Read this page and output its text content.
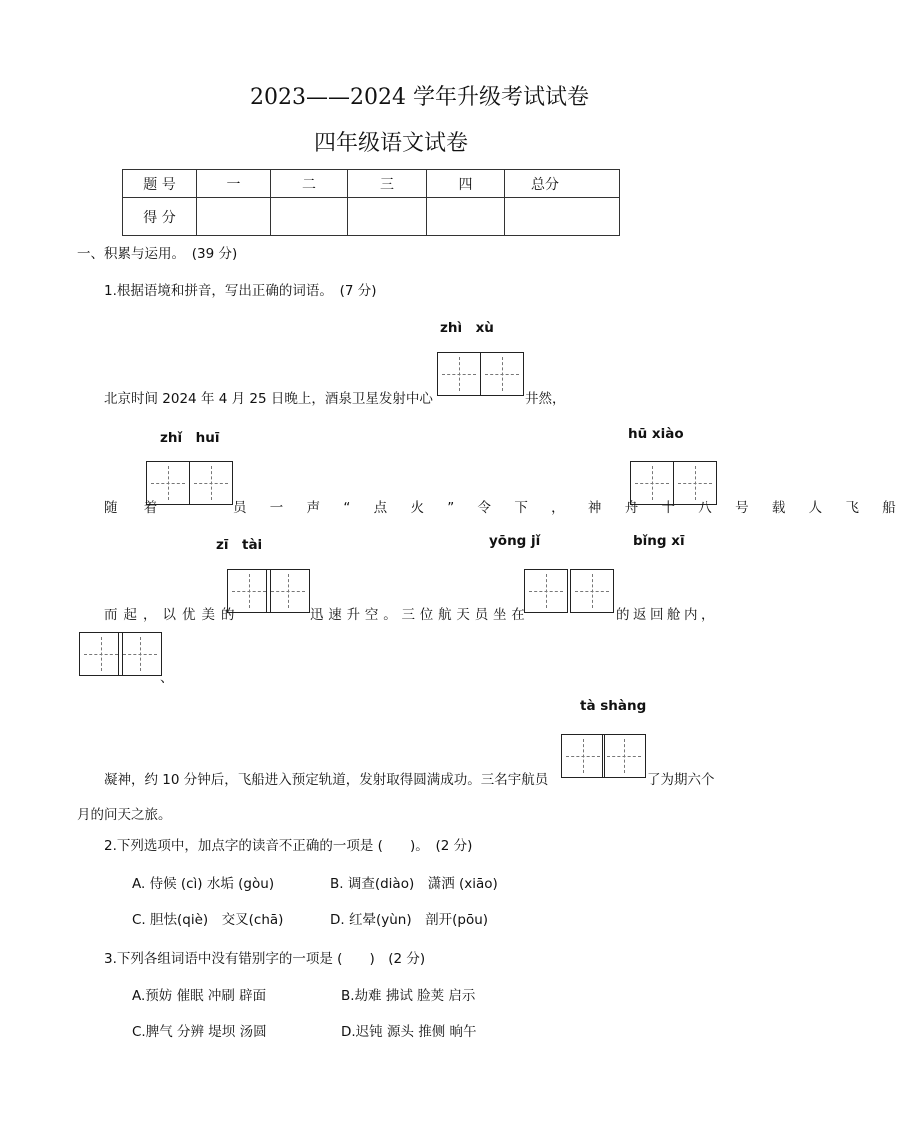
2023——2024 学年升级考试试卷
四年级语文试卷
题 号	一	二	三	四	总分
得 分					
一、积累与运用。　(39 分)
1.根据语境和拼音，写出正确的词语。　(7 分)
zhì　xù
北京时间 2024 年 4 月 25 日晚上，酒泉卫星发射中心	井然，
zhǐ　huī	hū xiào
随 着	员 一 声 “ 点 火 ” 令 下 ， 神 舟 十 八 号 载 人 飞 船
zī　tài	yōng jǐ	bǐng xī
而起，以优美的	迅速升空。三位航天员坐在	的返回舱内，
、
tà shàng
凝神，约 10 分钟后，飞船进入预定轨道，发射取得圆满成功。三名宇航员	了为期六个
月的问天之旅。
2.下列选项中，加点字的读音不正确的一项是 (　　)。　(2 分)
A. 侍候 (cì) 水垢 (gòu)	B. 调查(diào)　潇洒 (xiāo)
C. 胆怯(qiè)　交叉(chā)	D. 红晕(yùn)　剖开(pōu)
3.下列各组词语中没有错别字的一项是 (　　)　(2 分)
A.预妨 催眠 冲刷 辟面	B.劫难 拂试 脸荚 启示
C.脾气 分辨 堤坝 汤圆	D.迟钝 源头 推侧 晌午
